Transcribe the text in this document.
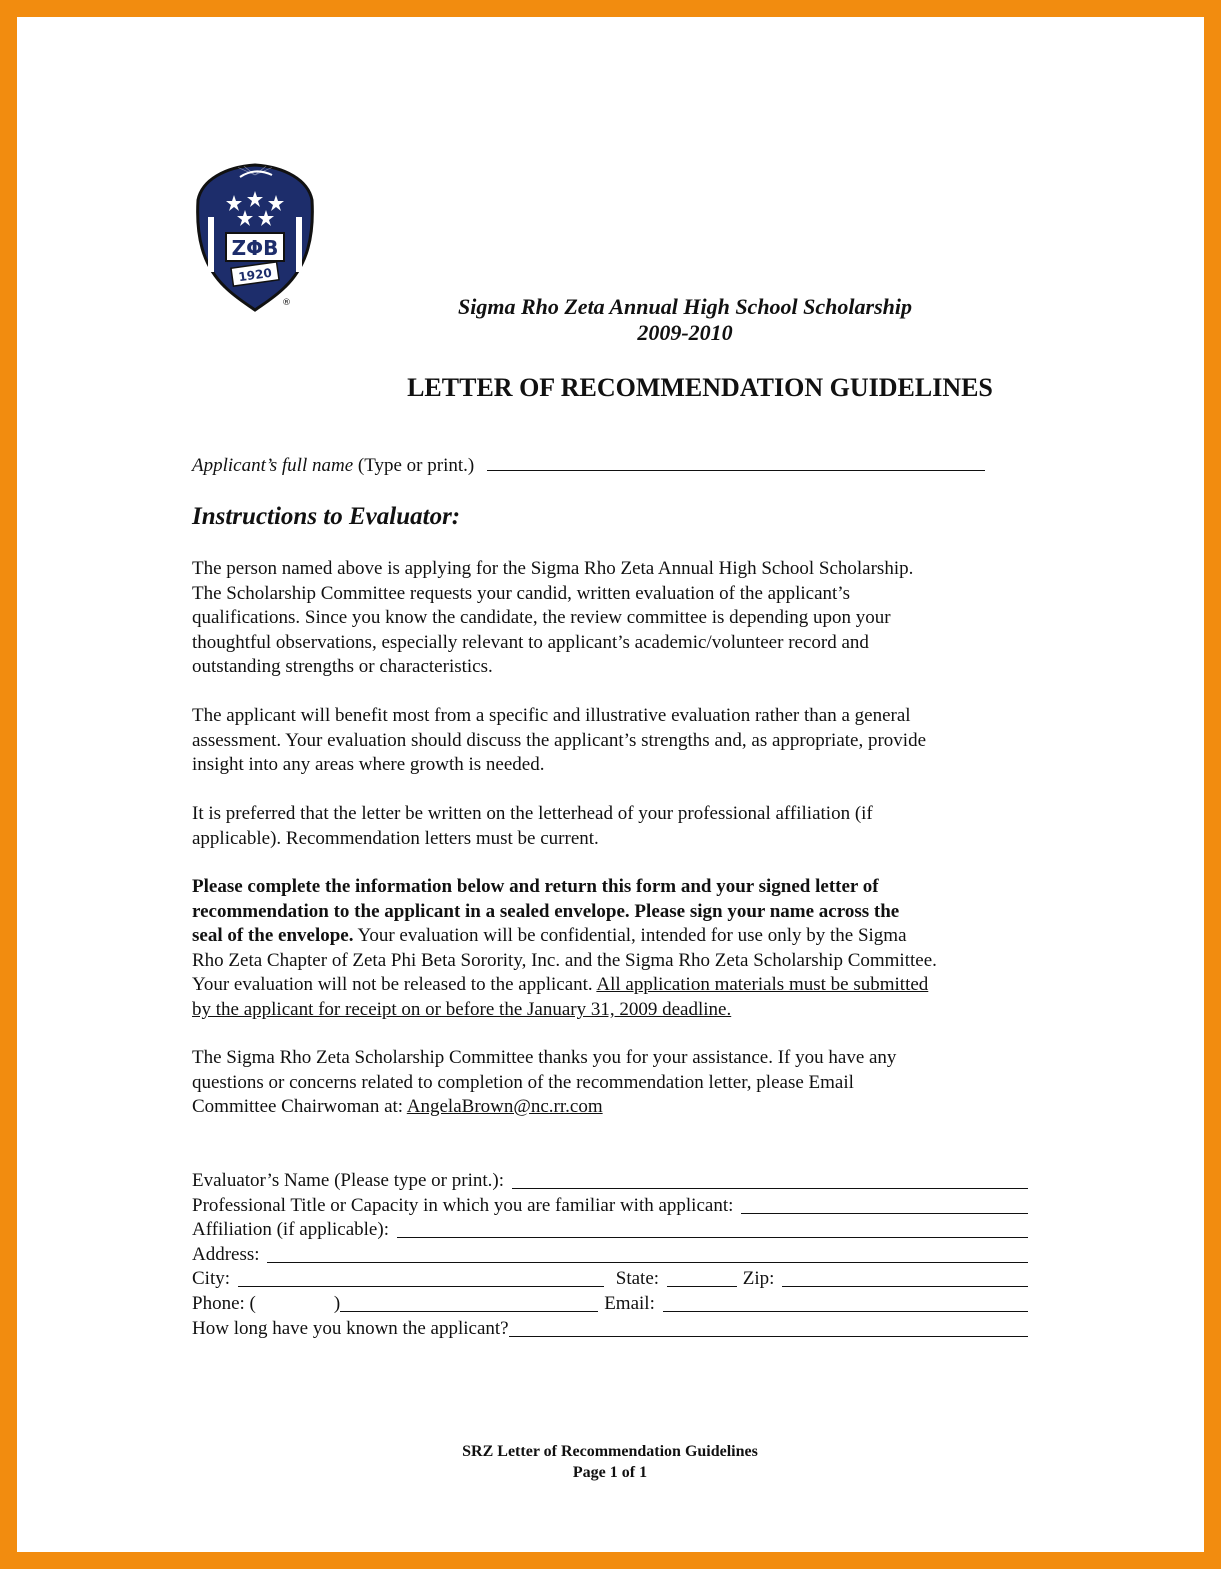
ZΦB
1920
®	Sigma Rho Zeta Annual High School Scholarship
2009-2010
LETTER OF RECOMMENDATION GUIDELINES
Applicant’s full name (Type or print.)
Instructions to Evaluator:
The person named above is applying for the Sigma Rho Zeta Annual High School Scholarship.
The Scholarship Committee requests your candid, written evaluation of the applicant’s
qualifications. Since you know the candidate, the review committee is depending upon your
thoughtful observations, especially relevant to applicant’s academic/volunteer record and
outstanding strengths or characteristics.
The applicant will benefit most from a specific and illustrative evaluation rather than a general
assessment. Your evaluation should discuss the applicant’s strengths and, as appropriate, provide
insight into any areas where growth is needed.
It is preferred that the letter be written on the letterhead of your professional affiliation (if
applicable). Recommendation letters must be current.
Please complete the information below and return this form and your signed letter of
recommendation to the applicant in a sealed envelope. Please sign your name across the
seal of the envelope. Your evaluation will be confidential, intended for use only by the Sigma
Rho Zeta Chapter of Zeta Phi Beta Sorority, Inc. and the Sigma Rho Zeta Scholarship Committee.
Your evaluation will not be released to the applicant. All application materials must be submitted
by the applicant for receipt on or before the January 31, 2009 deadline.
The Sigma Rho Zeta Scholarship Committee thanks you for your assistance. If you have any
questions or concerns related to completion of the recommendation letter, please Email
Committee Chairwoman at: AngelaBrown@nc.rr.com
Evaluator’s Name (Please type or print.):
Professional Title or Capacity in which you are familiar with applicant:
Affiliation (if applicable):
Address:
City:	State:	Zip:
Phone: (	)	Email:
How long have you known the applicant?
SRZ Letter of Recommendation Guidelines
Page 1 of 1
